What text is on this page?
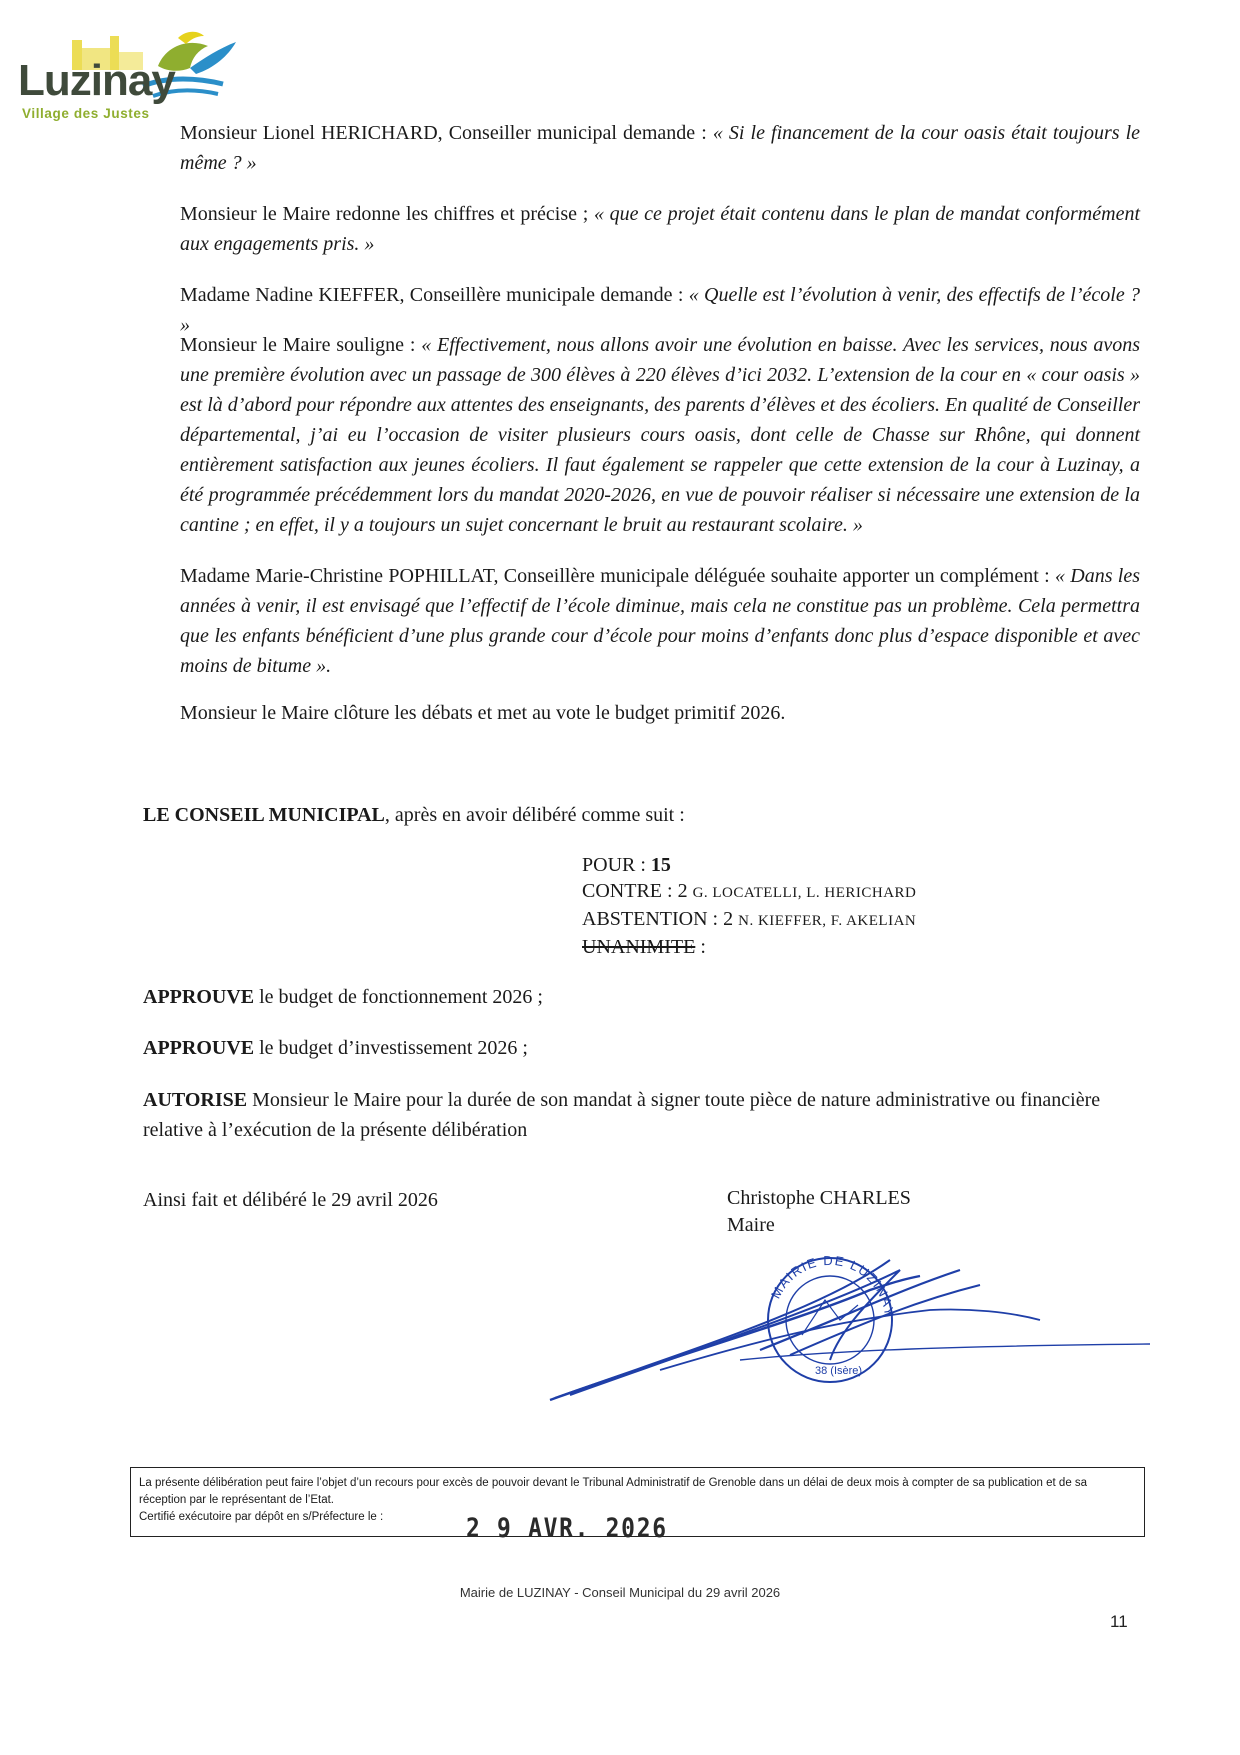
Luzinay
Village des Justes
Monsieur Lionel HERICHARD, Conseiller municipal demande : « Si le financement de la cour oasis était toujours le même ? »
Monsieur le Maire redonne les chiffres et précise ; « que ce projet était contenu dans le plan de mandat conformément aux engagements pris. »
Madame Nadine KIEFFER, Conseillère municipale demande : « Quelle est l’évolution à venir, des effectifs de l’école ? »
Monsieur le Maire souligne : « Effectivement, nous allons avoir une évolution en baisse. Avec les services, nous avons une première évolution avec un passage de 300 élèves à 220 élèves d’ici 2032. L’extension de la cour en « cour oasis » est là d’abord pour répondre aux attentes des enseignants, des parents d’élèves et des écoliers. En qualité de Conseiller départemental, j’ai eu l’occasion de visiter plusieurs cours oasis, dont celle de Chasse sur Rhône, qui donnent entièrement satisfaction aux jeunes écoliers. Il faut également se rappeler que cette extension de la cour à Luzinay, a été programmée précédemment lors du mandat 2020-2026, en vue de pouvoir réaliser si nécessaire une extension de la cantine ; en effet, il y a toujours un sujet concernant le bruit au restaurant scolaire. »
Madame Marie-Christine POPHILLAT, Conseillère municipale déléguée souhaite apporter un complément : « Dans les années à venir, il est envisagé que l’effectif de l’école diminue, mais cela ne constitue pas un problème. Cela permettra que les enfants bénéficient d’une plus grande cour d’école pour moins d’enfants donc plus d’espace disponible et avec moins de bitume ».
Monsieur le Maire clôture les débats et met au vote le budget primitif 2026.
LE CONSEIL MUNICIPAL, après en avoir délibéré comme suit :
POUR : 15
CONTRE : 2 G. LOCATELLI, L. HERICHARD
ABSTENTION : 2 N. KIEFFER, F. AKELIAN
UNANIMITE :
APPROUVE le budget de fonctionnement 2026 ;
APPROUVE le budget d’investissement 2026 ;
AUTORISE Monsieur le Maire pour la durée de son mandat à signer toute pièce de nature administrative ou financière relative à l’exécution de la présente délibération
Ainsi fait et délibéré le 29 avril 2026	Christophe CHARLES
Maire
MAIRIE DE LUZINAY
38 (Isère)
La présente délibération peut faire l’objet d’un recours pour excès de pouvoir devant le Tribunal Administratif de Grenoble dans un délai de deux mois à compter de sa publication et de sa réception par le représentant de l’Etat.
Certifié exécutoire par dépôt en s/Préfecture le :	2 9 AVR. 2026
Mairie de LUZINAY - Conseil Municipal du 29 avril 2026
11
